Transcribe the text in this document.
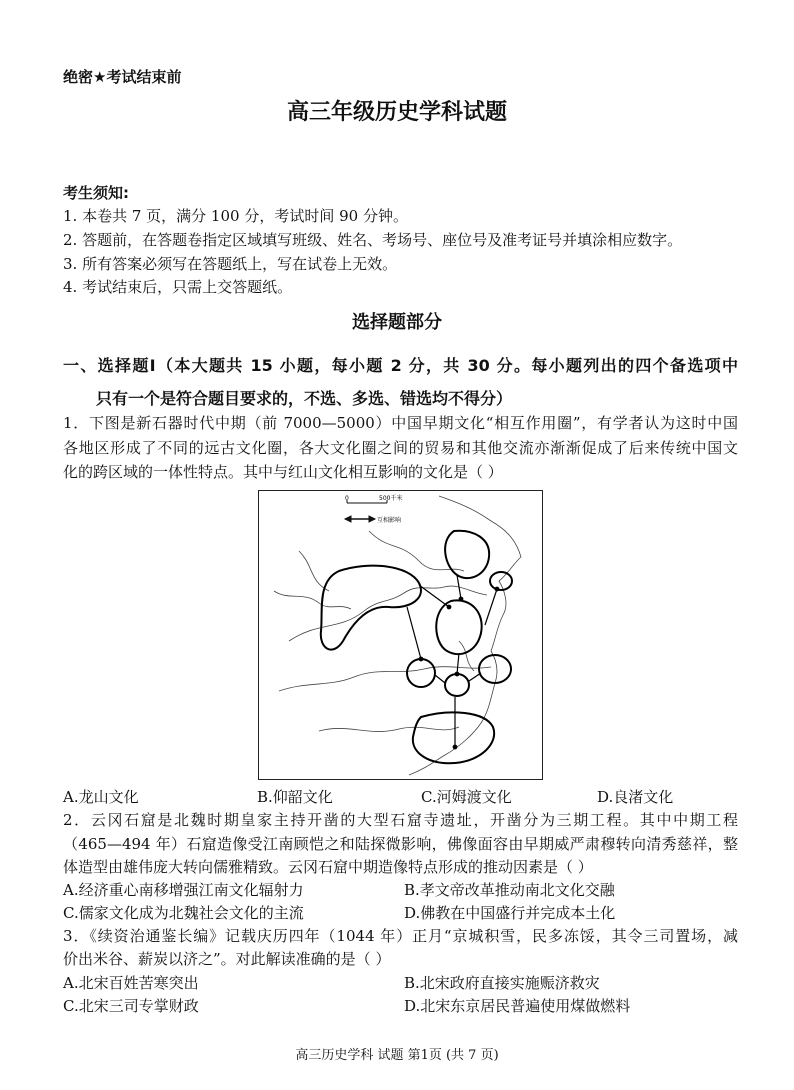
绝密★考试结束前
高三年级历史学科试题
考生须知:
1. 本卷共 7 页，满分 100 分，考试时间 90 分钟。
2. 答题前，在答题卷指定区域填写班级、姓名、考场号、座位号及准考证号并填涂相应数字。
3. 所有答案必须写在答题纸上，写在试卷上无效。
4. 考试结束后，只需上交答题纸。
选择题部分
一、选择题Ⅰ（本大题共 15 小题，每小题 2 分，共 30 分。每小题列出的四个备选项中
只有一个是符合题目要求的，不选、多选、错选均不得分）
1．下图是新石器时代中期（前 7000—5000）中国早期文化“相互作用圈”，有学者认为这时中国
各地区形成了不同的远古文化圈，各大文化圈之间的贸易和其他交流亦渐渐促成了后来传统中国文
化的跨区域的一体性特点。其中与红山文化相互影响的文化是（ ）
0	500千米
互相影响
A.龙山文化	B.仰韶文化	C.河姆渡文化	D.良渚文化
2．云冈石窟是北魏时期皇家主持开凿的大型石窟寺遗址，开凿分为三期工程。其中中期工程
（465—494 年）石窟造像受江南顾恺之和陆探微影响，佛像面容由早期威严肃穆转向清秀慈祥，整
体造型由雄伟庞大转向儒雅精致。云冈石窟中期造像特点形成的推动因素是（ ）
A.经济重心南移增强江南文化辐射力	B.孝文帝改革推动南北文化交融
C.儒家文化成为北魏社会文化的主流	D.佛教在中国盛行并完成本土化
3．《续资治通鉴长编》记载庆历四年（1044 年）正月“京城积雪，民多冻馁，其令三司置场，减
价出米谷、薪炭以济之”。对此解读准确的是（ ）
A.北宋百姓苦寒突出	B.北宋政府直接实施赈济救灾
C.北宋三司专掌财政	D.北宋东京居民普遍使用煤做燃料
高三历史学科 试题 第1页 (共 7 页)
